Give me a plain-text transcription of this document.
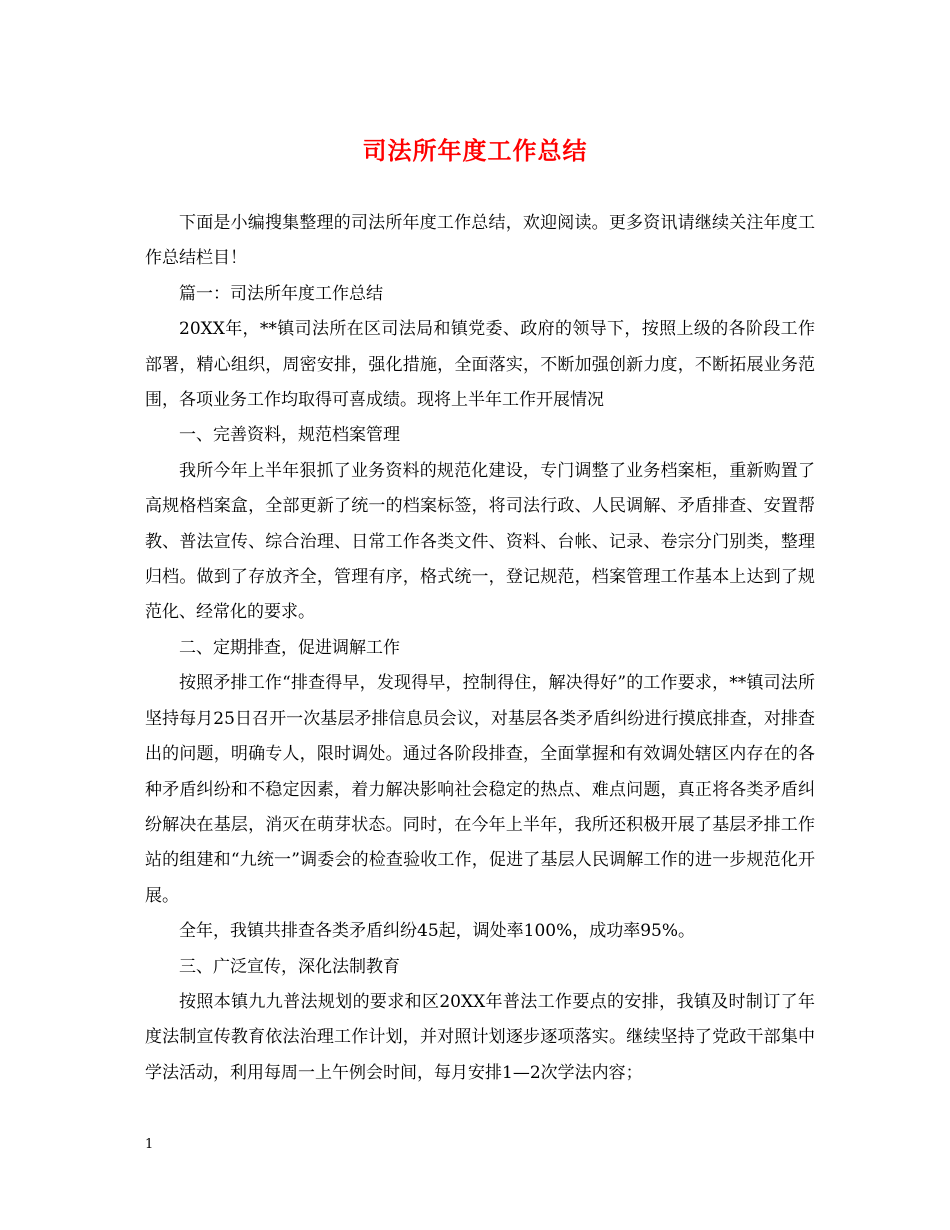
司法所年度工作总结

下面是小编搜集整理的司法所年度工作总结，欢迎阅读。更多资讯请继续关注年度工作总结栏目！

篇一：司法所年度工作总结

20XX年，**镇司法所在区司法局和镇党委、政府的领导下，按照上级的各阶段工作部署，精心组织，周密安排，强化措施，全面落实，不断加强创新力度，不断拓展业务范围，各项业务工作均取得可喜成绩。现将上半年工作开展情况

一、完善资料，规范档案管理

我所今年上半年狠抓了业务资料的规范化建设，专门调整了业务档案柜，重新购置了高规格档案盒，全部更新了统一的档案标签，将司法行政、人民调解、矛盾排查、安置帮教、普法宣传、综合治理、日常工作各类文件、资料、台帐、记录、卷宗分门别类，整理归档。做到了存放齐全，管理有序，格式统一，登记规范，档案管理工作基本上达到了规范化、经常化的要求。

二、定期排查，促进调解工作

按照矛排工作“排查得早，发现得早，控制得住，解决得好”的工作要求，**镇司法所坚持每月25日召开一次基层矛排信息员会议，对基层各类矛盾纠纷进行摸底排查，对排查出的问题，明确专人，限时调处。通过各阶段排查，全面掌握和有效调处辖区内存在的各种矛盾纠纷和不稳定因素，着力解决影响社会稳定的热点、难点问题，真正将各类矛盾纠纷解决在基层，消灭在萌芽状态。同时，在今年上半年，我所还积极开展了基层矛排工作站的组建和“九统一”调委会的检查验收工作，促进了基层人民调解工作的进一步规范化开展。

全年，我镇共排查各类矛盾纠纷45起，调处率100%，成功率95%。

三、广泛宣传，深化法制教育

按照本镇九九普法规划的要求和区20XX年普法工作要点的安排，我镇及时制订了年度法制宣传教育依法治理工作计划，并对照计划逐步逐项落实。继续坚持了党政干部集中学法活动，利用每周一上午例会时间，每月安排1—2次学法内容；

1
